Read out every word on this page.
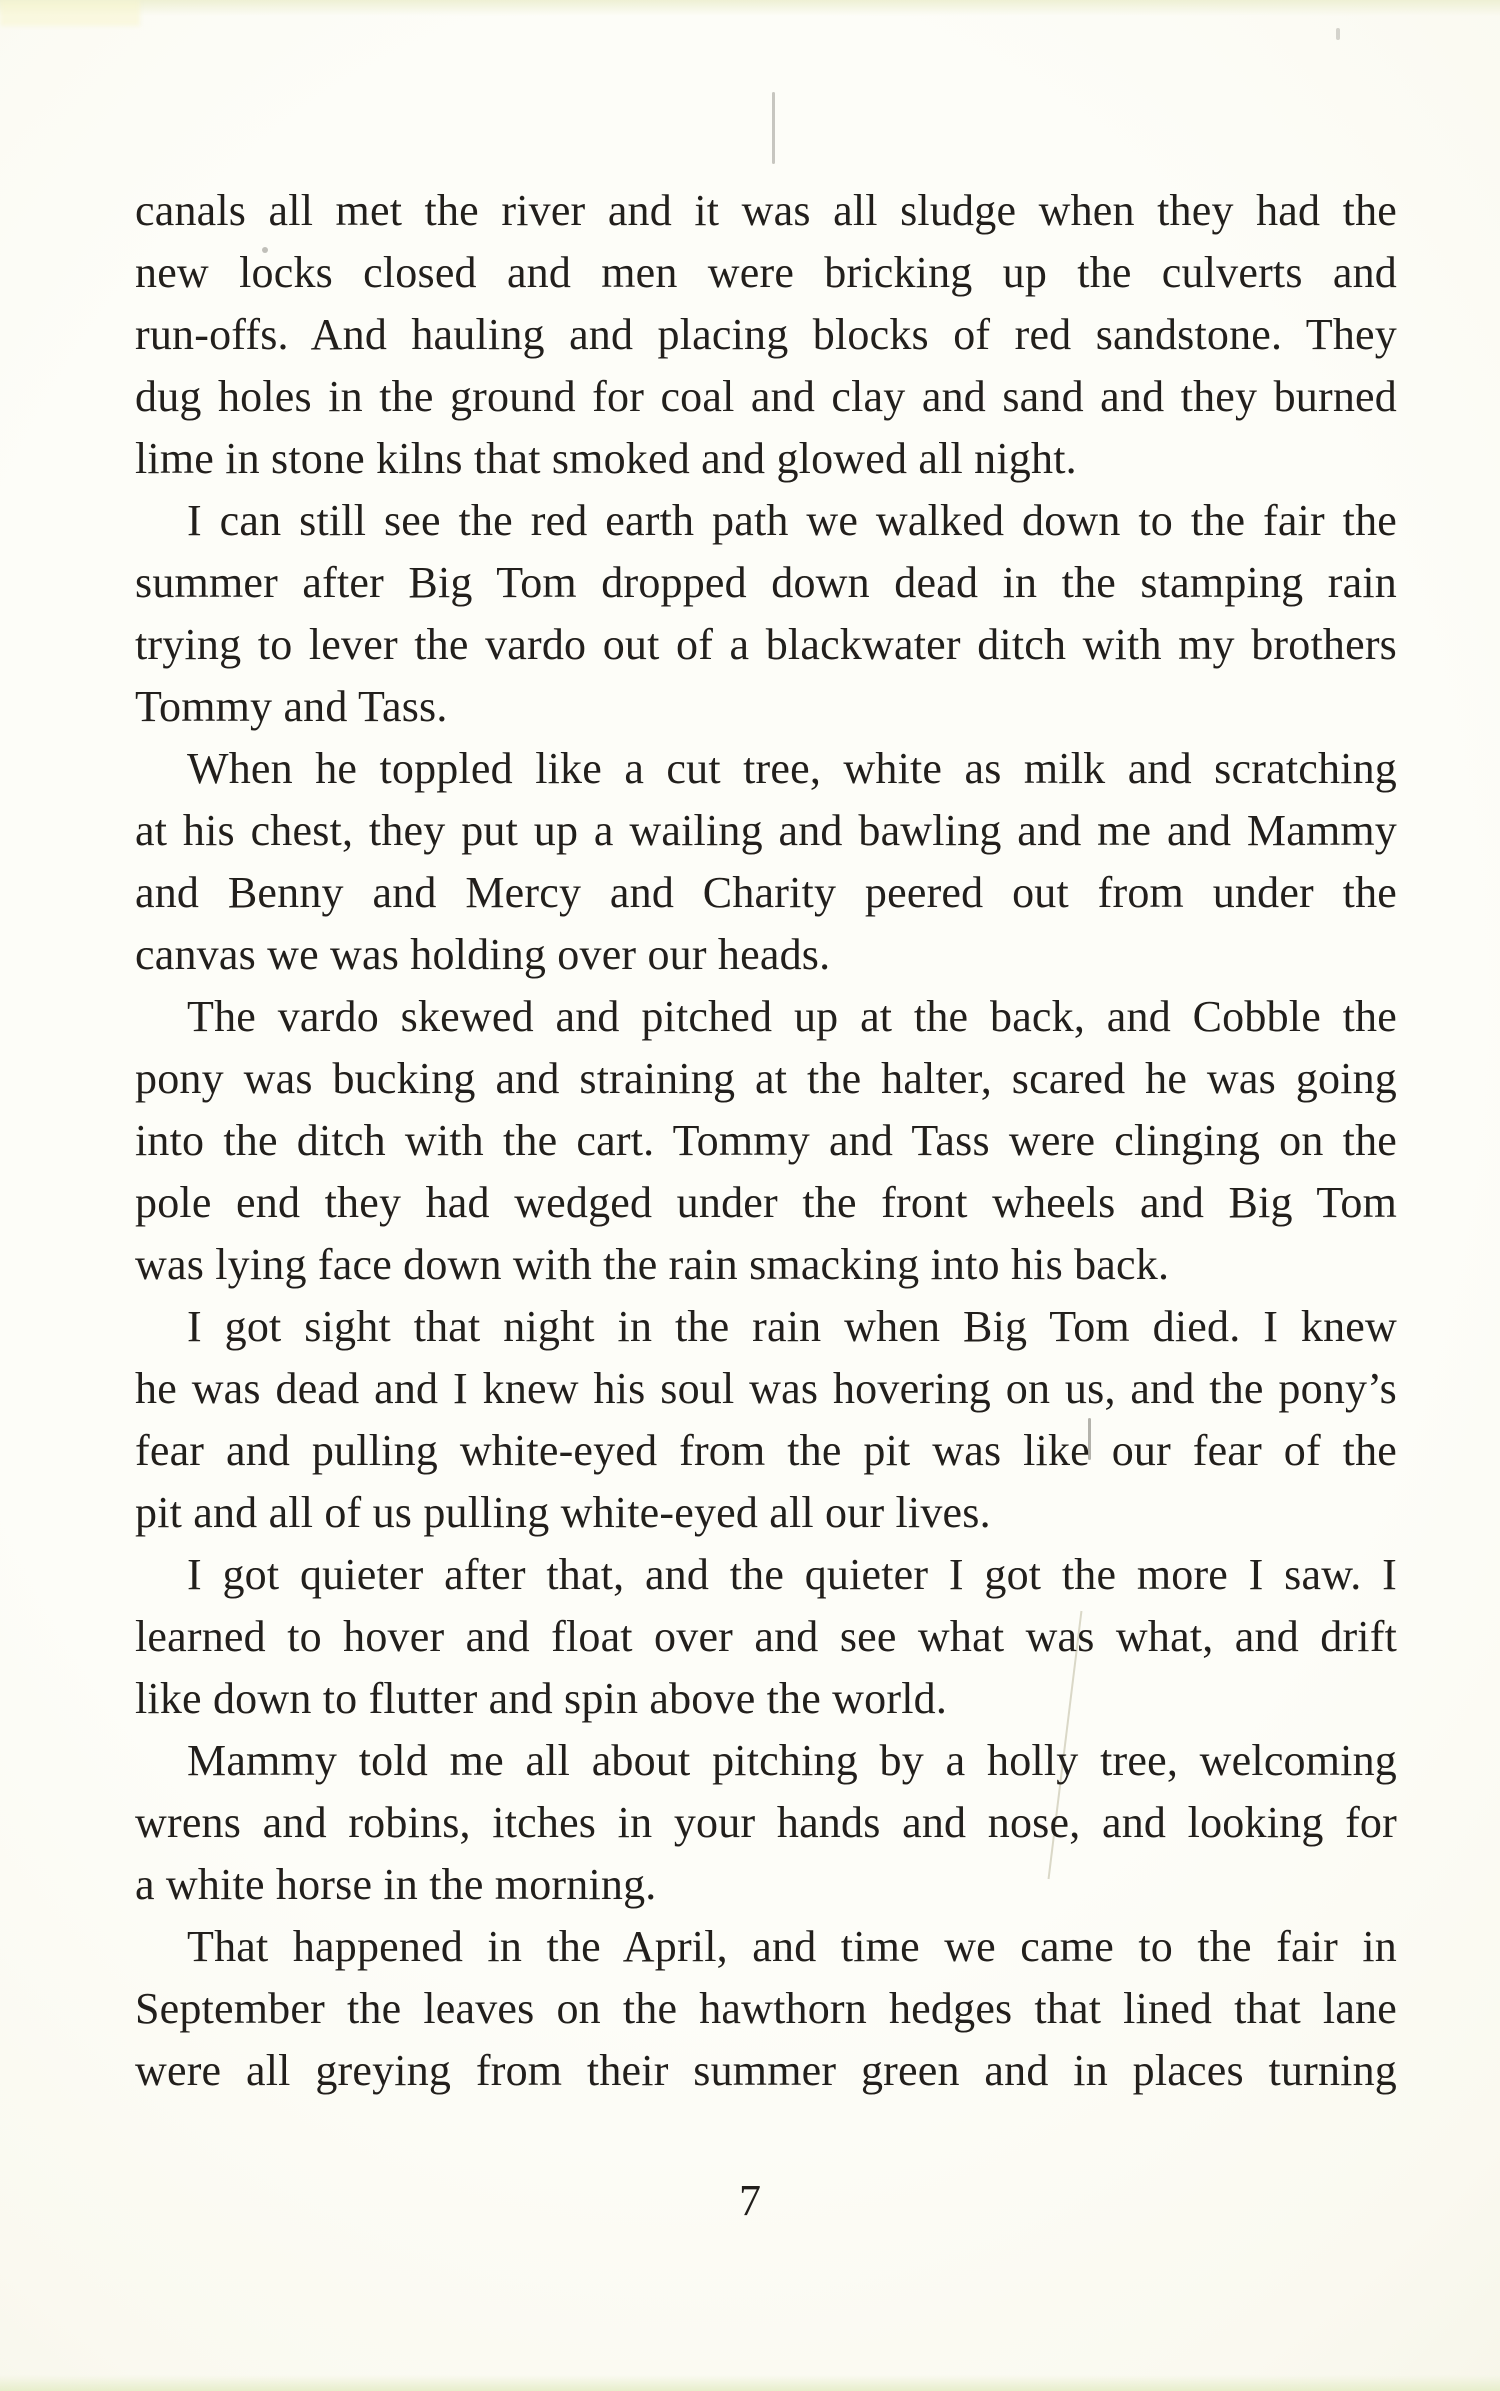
canals all met the river and it was all sludge when they had the
new locks closed and men were bricking up the culverts and
run-offs. And hauling and placing blocks of red sandstone. They
dug holes in the ground for coal and clay and sand and they burned
lime in stone kilns that smoked and glowed all night.
I can still see the red earth path we walked down to the fair the
summer after Big Tom dropped down dead in the stamping rain
trying to lever the vardo out of a blackwater ditch with my brothers
Tommy and Tass.
When he toppled like a cut tree, white as milk and scratching
at his chest, they put up a wailing and bawling and me and Mammy
and Benny and Mercy and Charity peered out from under the
canvas we was holding over our heads.
The vardo skewed and pitched up at the back, and Cobble the
pony was bucking and straining at the halter, scared he was going
into the ditch with the cart. Tommy and Tass were clinging on the
pole end they had wedged under the front wheels and Big Tom
was lying face down with the rain smacking into his back.
I got sight that night in the rain when Big Tom died. I knew
he was dead and I knew his soul was hovering on us, and the pony’s
fear and pulling white-eyed from the pit was like our fear of the
pit and all of us pulling white-eyed all our lives.
I got quieter after that, and the quieter I got the more I saw. I
learned to hover and float over and see what was what, and drift
like down to flutter and spin above the world.
Mammy told me all about pitching by a holly tree, welcoming
wrens and robins, itches in your hands and nose, and looking for
a white horse in the morning.
That happened in the April, and time we came to the fair in
September the leaves on the hawthorn hedges that lined that lane
were all greying from their summer green and in places turning
7
